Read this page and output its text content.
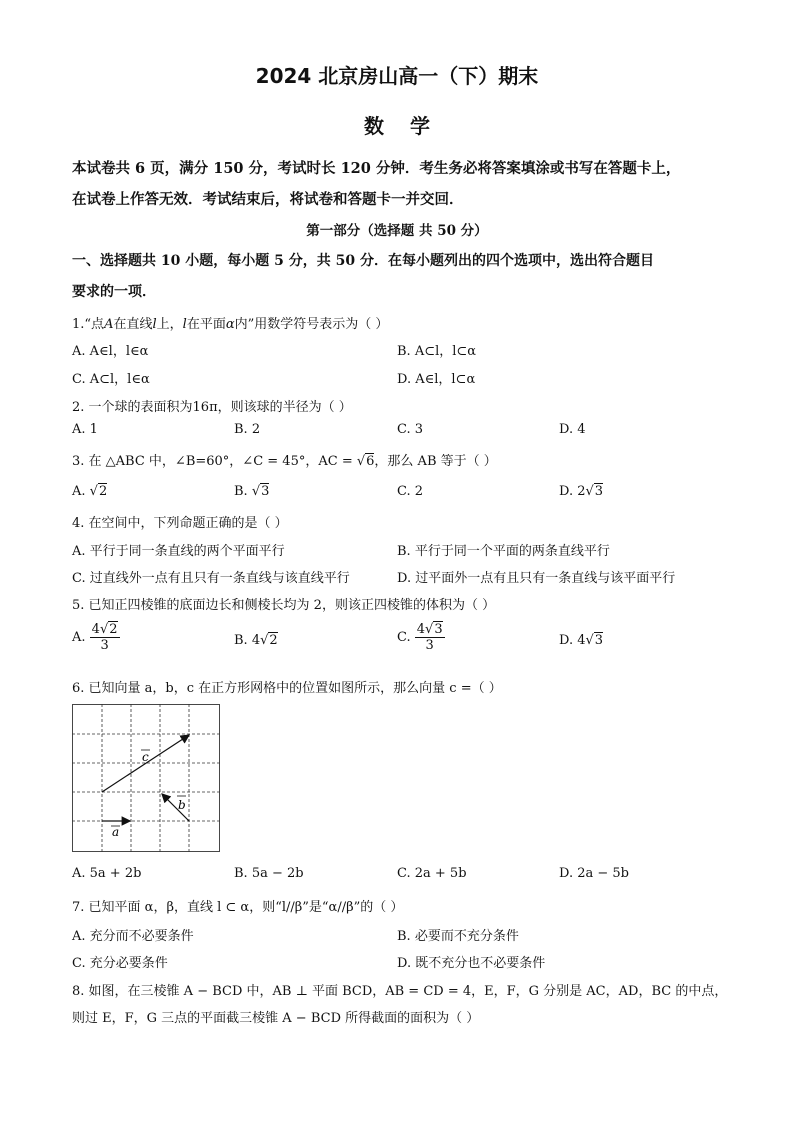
2024 北京房山高一（下）期末
数学
本试卷共 6 页，满分 150 分，考试时长 120 分钟．考生务必将答案填涂或书写在答题卡上，
在试卷上作答无效．考试结束后，将试卷和答题卡一并交回．
第一部分（选择题 共 50 分）
一、选择题共 10 小题，每小题 5 分，共 50 分．在每小题列出的四个选项中，选出符合题目
要求的一项．
1.“点A在直线l上，l在平面α内”用数学符号表示为（ ）
A. A∈l，l∈α	B. A⊂l，l⊂α
C. A⊂l，l∈α	D. A∈l，l⊂α
2. 一个球的表面积为16π，则该球的半径为（ ）
A. 1	B. 2	C. 3	D. 4
3. 在 △ABC 中，∠B=60°，∠C = 45°，AC = √6，那么 AB 等于（ ）
A. √2	B. √3	C. 2	D. 2√3
4. 在空间中，下列命题正确的是（ ）
A. 平行于同一条直线的两个平面平行	B. 平行于同一个平面的两条直线平行
C. 过直线外一点有且只有一条直线与该直线平行	D. 过平面外一点有且只有一条直线与该平面平行
5. 已知正四棱锥的底面边长和侧棱长均为 2，则该正四棱锥的体积为（ ）
A. $\frac{4√2}{3}$	B. 4√2	C. $\frac{4√3}{3}$	D. 4√3
6. 已知向量 a，b，c 在正方形网格中的位置如图所示，那么向量 c =（ ）
c
b
a
A. 5a + 2b	B. 5a − 2b	C. 2a + 5b	D. 2a − 5b
7. 已知平面 α，β，直线 l ⊂ α，则“l//β”是“α//β”的（ ）
A. 充分而不必要条件	B. 必要而不充分条件
C. 充分必要条件	D. 既不充分也不必要条件
8. 如图，在三棱锥 A − BCD 中，AB ⊥ 平面 BCD，AB = CD = 4，E，F，G 分别是 AC，AD，BC 的中点，
则过 E，F，G 三点的平面截三棱锥 A − BCD 所得截面的面积为（ ）
